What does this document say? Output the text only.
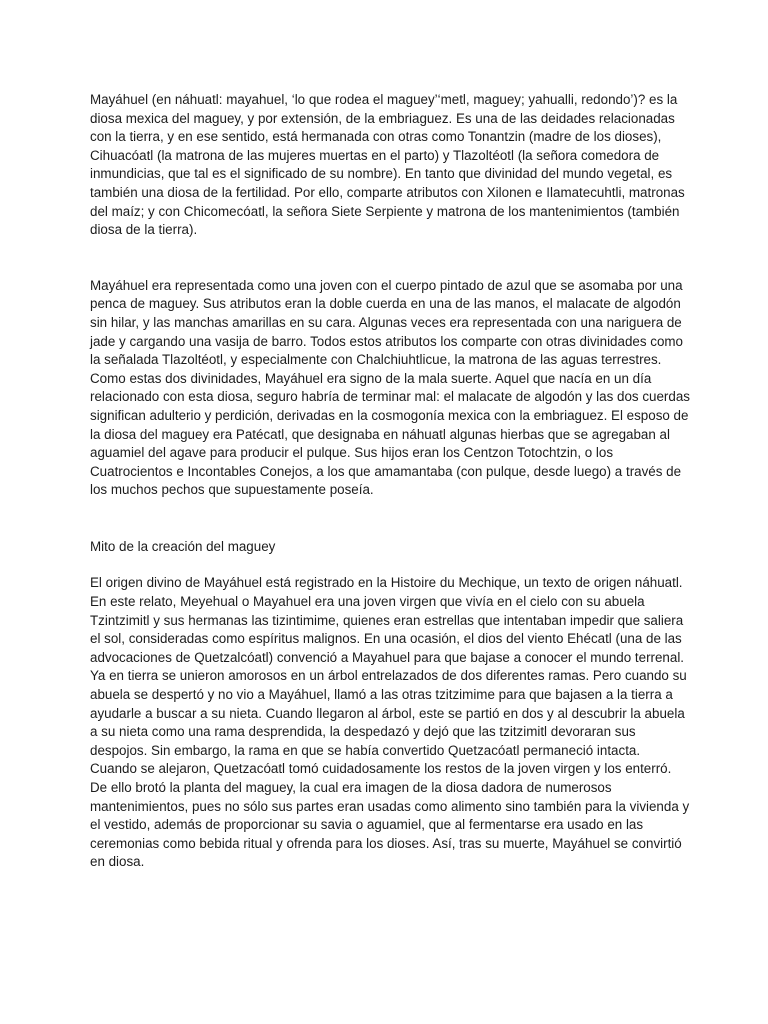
Mayáhuel (en náhuatl: mayahuel, ‘lo que rodea el maguey’‘metl, maguey; yahualli, redondo’)? es la diosa mexica del maguey, y por extensión, de la embriaguez. Es una de las deidades relacionadas con la tierra, y en ese sentido, está hermanada con otras como Tonantzin (madre de los dioses), Cihuacóatl (la matrona de las mujeres muertas en el parto) y Tlazoltéotl (la señora comedora de inmundicias, que tal es el significado de su nombre). En tanto que divinidad del mundo vegetal, es también una diosa de la fertilidad. Por ello, comparte atributos con Xilonen e Ilamatecuhtli, matronas del maíz; y con Chicomecóatl, la señora Siete Serpiente y matrona de los mantenimientos (también diosa de la tierra).

Mayáhuel era representada como una joven con el cuerpo pintado de azul que se asomaba por una penca de maguey. Sus atributos eran la doble cuerda en una de las manos, el malacate de algodón sin hilar, y las manchas amarillas en su cara. Algunas veces era representada con una nariguera de jade y cargando una vasija de barro. Todos estos atributos los comparte con otras divinidades como la señalada Tlazoltéotl, y especialmente con Chalchiuhtlicue, la matrona de las aguas terrestres. Como estas dos divinidades, Mayáhuel era signo de la mala suerte. Aquel que nacía en un día relacionado con esta diosa, seguro habría de terminar mal: el malacate de algodón y las dos cuerdas significan adulterio y perdición, derivadas en la cosmogonía mexica con la embriaguez. El esposo de la diosa del maguey era Patécatl, que designaba en náhuatl algunas hierbas que se agregaban al aguamiel del agave para producir el pulque. Sus hijos eran los Centzon Totochtzin, o los Cuatrocientos e Incontables Conejos, a los que amamantaba (con pulque, desde luego) a través de los muchos pechos que supuestamente poseía.

Mito de la creación del maguey

El origen divino de Mayáhuel está registrado en la Histoire du Mechique, un texto de origen náhuatl. En este relato, Meyehual o Mayahuel era una joven virgen que vivía en el cielo con su abuela Tzintzimitl y sus hermanas las tizintimime, quienes eran estrellas que intentaban impedir que saliera el sol, consideradas como espíritus malignos. En una ocasión, el dios del viento Ehécatl (una de las advocaciones de Quetzalcóatl) convenció a Mayahuel para que bajase a conocer el mundo terrenal. Ya en tierra se unieron amorosos en un árbol entrelazados de dos diferentes ramas. Pero cuando su abuela se despertó y no vio a Mayáhuel, llamó a las otras tzitzimime para que bajasen a la tierra a ayudarle a buscar a su nieta. Cuando llegaron al árbol, este se partió en dos y al descubrir la abuela a su nieta como una rama desprendida, la despedazó y dejó que las tzitzimitl devoraran sus despojos. Sin embargo, la rama en que se había convertido Quetzacóatl permaneció intacta. Cuando se alejaron, Quetzacóatl tomó cuidadosamente los restos de la joven virgen y los enterró. De ello brotó la planta del maguey, la cual era imagen de la diosa dadora de numerosos mantenimientos, pues no sólo sus partes eran usadas como alimento sino también para la vivienda y el vestido, además de proporcionar su savia o aguamiel, que al fermentarse era usado en las ceremonias como bebida ritual y ofrenda para los dioses. Así, tras su muerte, Mayáhuel se convirtió en diosa.
